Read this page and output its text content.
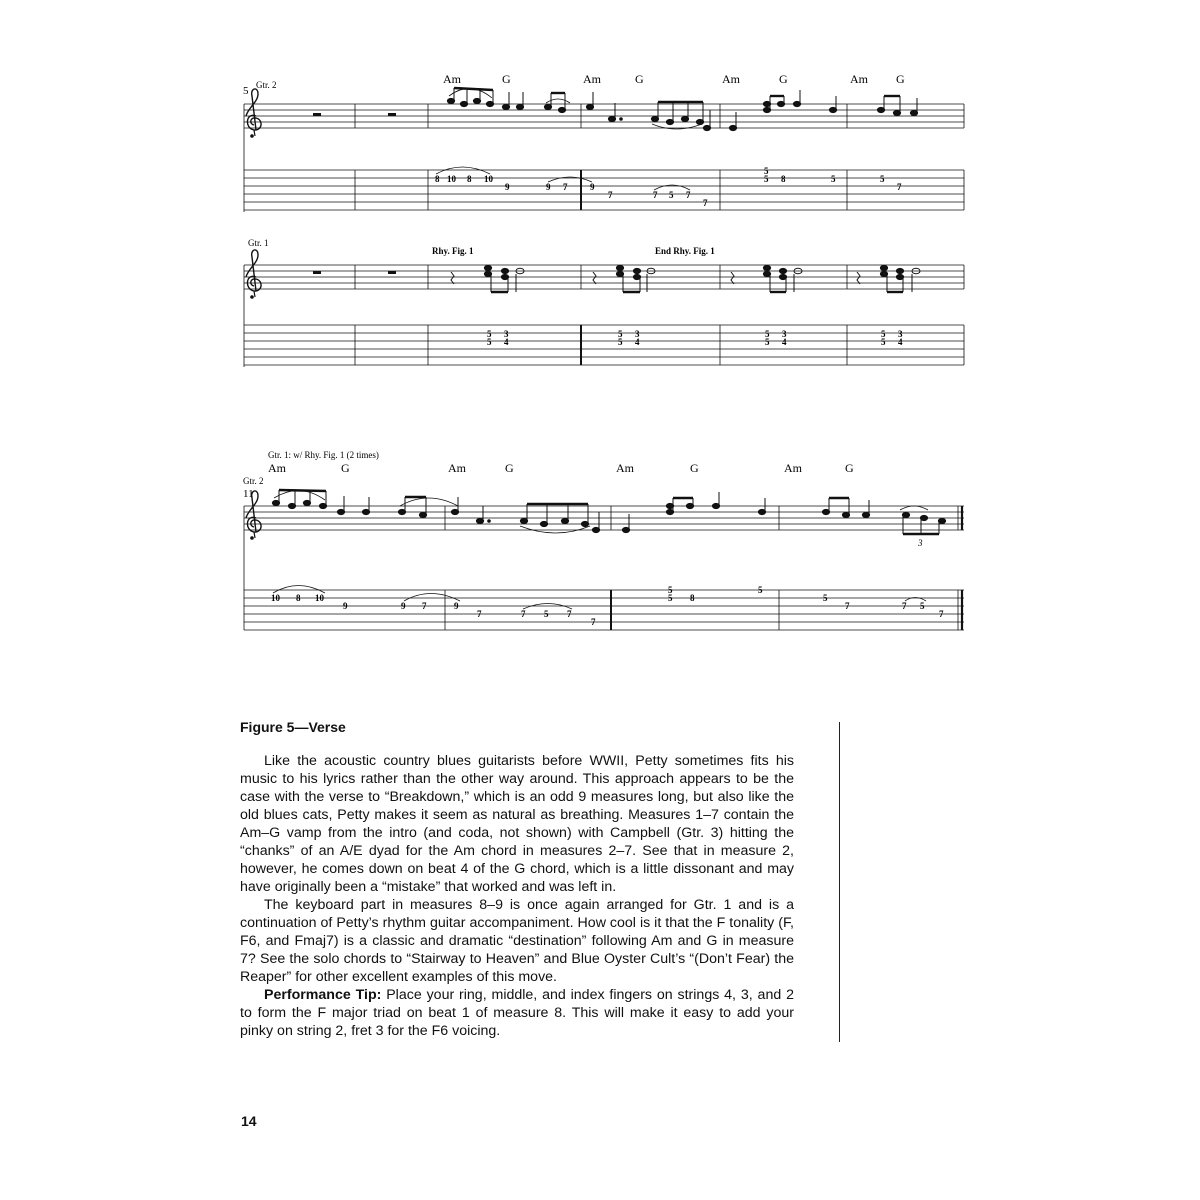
5 Gtr. 2	Am	G	Am	G	Am	G	Am G
8 10 8 10
9	9 7	9
7	7 5 7
7
5
5 8	5	5
7
Gtr. 1
Rhy. Fig. 1	End Rhy. Fig. 1
5
5
3
4
5
5
3
4
5
5
3
4
5
5
3
4
Gtr. 1: w/ Rhy. Fig. 1 (2 times)
Am	G	Am	G	Am	G	Am	G
Gtr. 2
11
3
10 8 10
9	9 7	9
7	7 5 7
7
5
5 8
5
5
7	7 5
7

Figure 5—Verse

Like the acoustic country blues guitarists before WWII, Petty sometimes fits his music to his lyrics rather than the other way around. This approach appears to be the case with the verse to “Breakdown,” which is an odd 9 measures long, but also like the old blues cats, Petty makes it seem as natural as breathing. Measures 1–7 contain the Am–G vamp from the intro (and coda, not shown) with Campbell (Gtr. 3) hitting the “chanks” of an A/E dyad for the Am chord in measures 2–7. See that in measure 2, however, he comes down on beat 4 of the G chord, which is a little dissonant and may have originally been a “mistake” that worked and was left in.

The keyboard part in measures 8–9 is once again arranged for Gtr. 1 and is a continuation of Petty’s rhythm guitar accompaniment. How cool is it that the F tonality (F, F6, and Fmaj7) is a classic and dramatic “destination” following Am and G in measure 7? See the solo chords to “Stairway to Heaven” and Blue Oyster Cult’s “(Don’t Fear) the Reaper” for other excellent examples of this move.

Performance Tip: Place your ring, middle, and index fingers on strings 4, 3, and 2 to form the F major triad on beat 1 of measure 8. This will make it easy to add your pinky on string 2, fret 3 for the F6 voicing.

14
